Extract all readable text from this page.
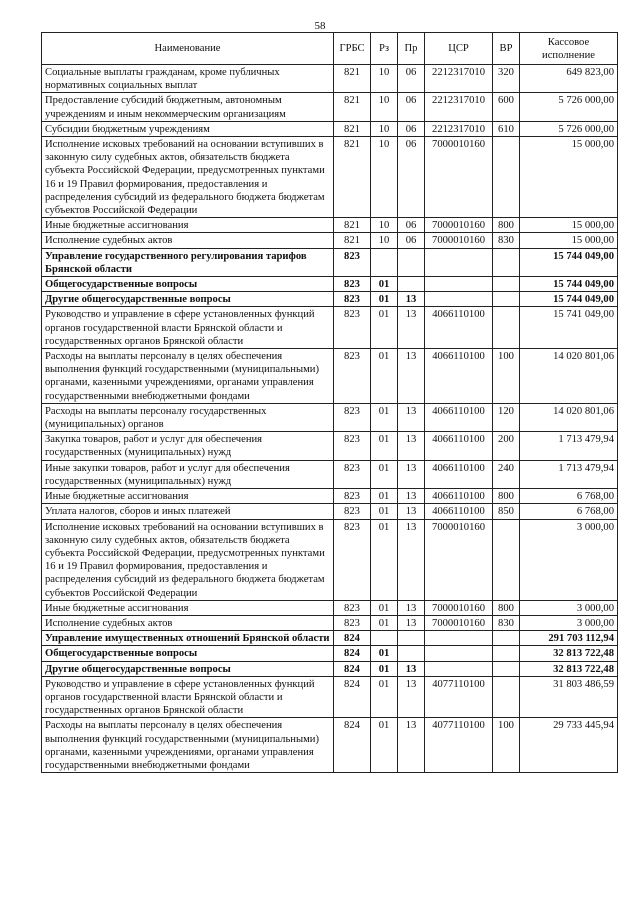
58
Наименование	ГРБС	Рз	Пр	ЦСР	ВР	Кассовое исполнение
Социальные выплаты гражданам, кроме публичных нормативных социальных выплат	821	10	06	2212317010	320	649 823,00
Предоставление субсидий бюджетным, автономным учреждениям и иным некоммерческим организациям	821	10	06	2212317010	600	5 726 000,00
Субсидии бюджетным учреждениям	821	10	06	2212317010	610	5 726 000,00
Исполнение исковых требований на основании вступивших в законную силу судебных актов, обязательств бюджета субъекта Российской Федерации, предусмотренных пунктами 16 и 19 Правил формирования, предоставления и распределения субсидий из федерального бюджета бюджетам субъектов Российской Федерации	821	10	06	7000010160		15 000,00
Иные бюджетные ассигнования	821	10	06	7000010160	800	15 000,00
Исполнение судебных актов	821	10	06	7000010160	830	15 000,00
Управление государственного регулирования тарифов Брянской области	823					15 744 049,00
Общегосударственные вопросы	823	01				15 744 049,00
Другие общегосударственные вопросы	823	01	13			15 744 049,00
Руководство и управление в сфере установленных функций органов государственной власти Брянской области и государственных органов Брянской области	823	01	13	4066110100		15 741 049,00
Расходы на выплаты персоналу в целях обеспечения выполнения функций государственными (муниципальными) органами, казенными учреждениями, органами управления государственными внебюджетными фондами	823	01	13	4066110100	100	14 020 801,06
Расходы на выплаты персоналу государственных (муниципальных) органов	823	01	13	4066110100	120	14 020 801,06
Закупка товаров, работ и услуг для обеспечения государственных (муниципальных) нужд	823	01	13	4066110100	200	1 713 479,94
Иные закупки товаров, работ и услуг для обеспечения государственных (муниципальных) нужд	823	01	13	4066110100	240	1 713 479,94
Иные бюджетные ассигнования	823	01	13	4066110100	800	6 768,00
Уплата налогов, сборов и иных платежей	823	01	13	4066110100	850	6 768,00
Исполнение исковых требований на основании вступивших в законную силу судебных актов, обязательств бюджета субъекта Российской Федерации, предусмотренных пунктами 16 и 19 Правил формирования, предоставления и распределения субсидий из федерального бюджета бюджетам субъектов Российской Федерации	823	01	13	7000010160		3 000,00
Иные бюджетные ассигнования	823	01	13	7000010160	800	3 000,00
Исполнение судебных актов	823	01	13	7000010160	830	3 000,00
Управление имущественных отношений Брянской области	824					291 703 112,94
Общегосударственные вопросы	824	01				32 813 722,48
Другие общегосударственные вопросы	824	01	13			32 813 722,48
Руководство и управление в сфере установленных функций органов государственной власти Брянской области и государственных органов Брянской области	824	01	13	4077110100		31 803 486,59
Расходы на выплаты персоналу в целях обеспечения выполнения функций государственными (муниципальными) органами, казенными учреждениями, органами управления государственными внебюджетными фондами	824	01	13	4077110100	100	29 733 445,94
